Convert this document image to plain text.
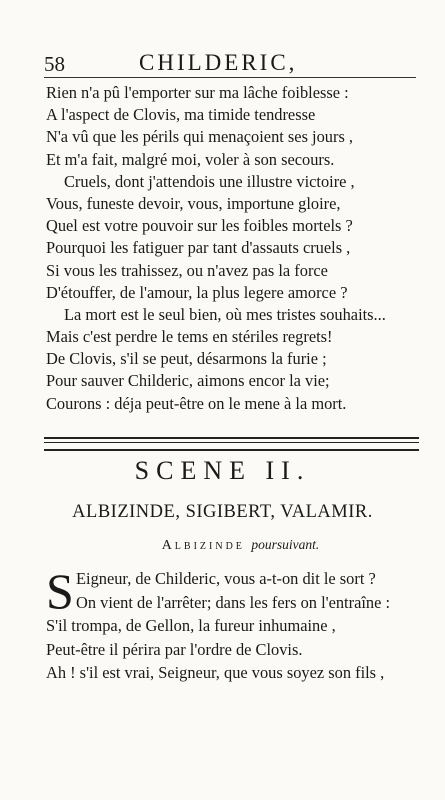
58	CHILDERIC,
Rien n'a pû l'emporter sur ma lâche foiblesse :
A l'aspect de Clovis, ma timide tendresse
N'a vû que les périls qui menaçoient ses jours ,
Et m'a fait, malgré moi, voler à son secours.
Cruels, dont j'attendois une illustre victoire ,
Vous, funeste devoir, vous, importune gloire,
Quel est votre pouvoir sur les foibles mortels ?
Pourquoi les fatiguer par tant d'assauts cruels ,
Si vous les trahissez, ou n'avez pas la force
D'étouffer, de l'amour, la plus legere amorce ?
La mort est le seul bien, où mes tristes souhaits...
Mais c'est perdre le tems en stériles regrets!
De Clovis, s'il se peut, désarmons la furie ;
Pour sauver Childeric, aimons encor la vie;
Courons : déja peut-être on le mene à la mort.
SCENE II.
ALBIZINDE, SIGIBERT, VALAMIR.
Albizinde poursuivant.
S Eigneur, de Childeric, vous a-t-on dit le sort ?
On vient de l'arrêter; dans les fers on l'entraîne :
S'il trompa, de Gellon, la fureur inhumaine ,
Peut-être il périra par l'ordre de Clovis.
Ah ! s'il est vrai, Seigneur, que vous soyez son fils ,
